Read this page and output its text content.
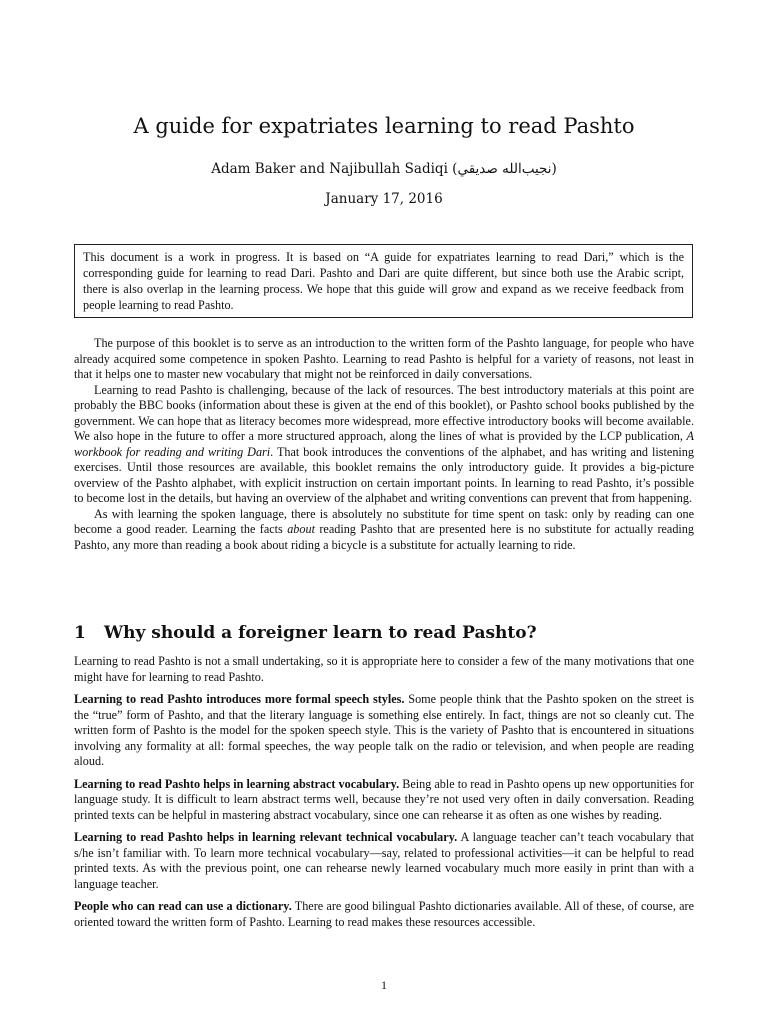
A guide for expatriates learning to read Pashto
Adam Baker and Najibullah Sadiqi (نجيب‌الله صديقي)
January 17, 2016
This document is a work in progress. It is based on “A guide for expatriates learning to read Dari,” which is the corresponding guide for learning to read Dari. Pashto and Dari are quite different, but since both use the Arabic script, there is also overlap in the learning process. We hope that this guide will grow and expand as we receive feedback from people learning to read Pashto.

The purpose of this booklet is to serve as an introduction to the written form of the Pashto language, for people who have already acquired some competence in spoken Pashto. Learning to read Pashto is helpful for a variety of reasons, not least in that it helps one to master new vocabulary that might not be reinforced in daily conversations.

Learning to read Pashto is challenging, because of the lack of resources. The best introductory materials at this point are probably the BBC books (information about these is given at the end of this booklet), or Pashto school books published by the government. We can hope that as literacy becomes more widespread, more effective introductory books will become available. We also hope in the future to offer a more structured approach, along the lines of what is provided by the LCP publication, A workbook for reading and writing Dari. That book introduces the conventions of the alphabet, and has writing and listening exercises. Until those resources are available, this booklet remains the only introductory guide. It provides a big-picture overview of the Pashto alphabet, with explicit instruction on certain important points. In learning to read Pashto, it’s possible to become lost in the details, but having an overview of the alphabet and writing conventions can prevent that from happening.

As with learning the spoken language, there is absolutely no substitute for time spent on task: only by reading can one become a good reader. Learning the facts about reading Pashto that are presented here is no substitute for actually reading Pashto, any more than reading a book about riding a bicycle is a substitute for actually learning to ride.

1 Why should a foreigner learn to read Pashto?

Learning to read Pashto is not a small undertaking, so it is appropriate here to consider a few of the many motivations that one might have for learning to read Pashto.

Learning to read Pashto introduces more formal speech styles. Some people think that the Pashto spoken on the street is the “true” form of Pashto, and that the literary language is something else entirely. In fact, things are not so cleanly cut. The written form of Pashto is the model for the spoken speech style. This is the variety of Pashto that is encountered in situations involving any formality at all: formal speeches, the way people talk on the radio or television, and when people are reading aloud.

Learning to read Pashto helps in learning abstract vocabulary. Being able to read in Pashto opens up new opportunities for language study. It is difficult to learn abstract terms well, because they’re not used very often in daily conversation. Reading printed texts can be helpful in mastering abstract vocabulary, since one can rehearse it as often as one wishes by reading.

Learning to read Pashto helps in learning relevant technical vocabulary. A language teacher can’t teach vocabulary that s/he isn’t familiar with. To learn more technical vocabulary—say, related to professional activities—it can be helpful to read printed texts. As with the previous point, one can rehearse newly learned vocabulary much more easily in print than with a language teacher.

People who can read can use a dictionary. There are good bilingual Pashto dictionaries available. All of these, of course, are oriented toward the written form of Pashto. Learning to read makes these resources accessible.

1
